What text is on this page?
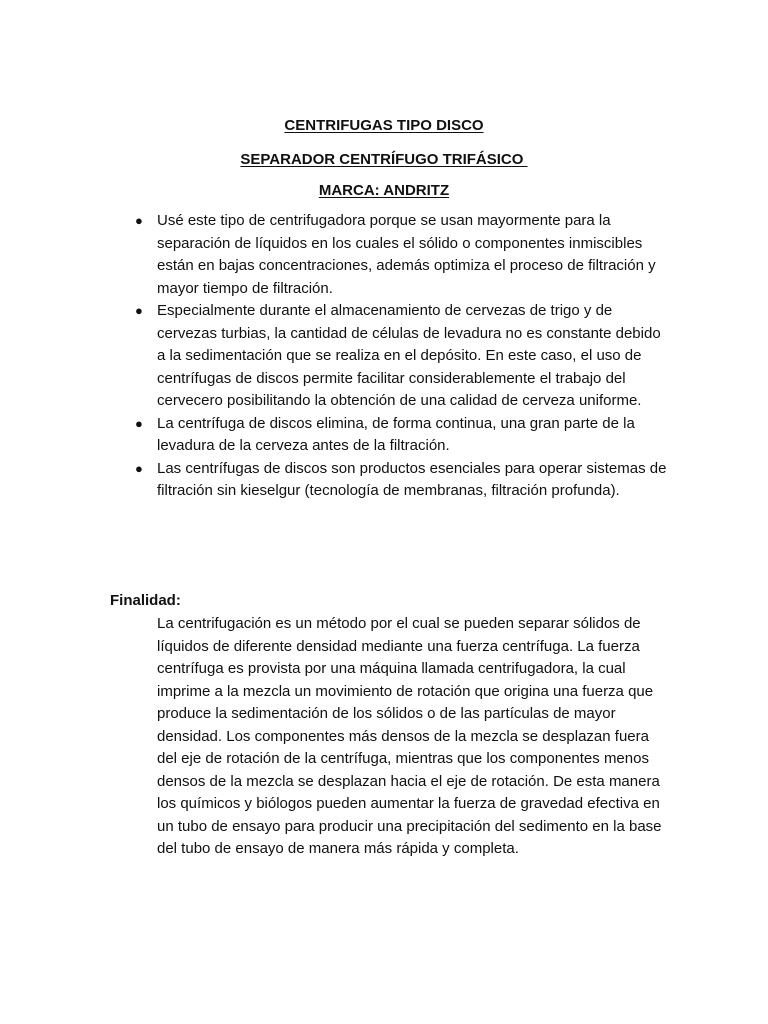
CENTRIFUGAS TIPO DISCO
SEPARADOR CENTRÍFUGO TRIFÁSICO
MARCA: ANDRITZ
● Usé este tipo de centrifugadora porque se usan mayormente para la separación de líquidos en los cuales el sólido o componentes inmiscibles están en bajas concentraciones, además optimiza el proceso de filtración y mayor tiempo de filtración.
● Especialmente durante el almacenamiento de cervezas de trigo y de cervezas turbias, la cantidad de células de levadura no es constante debido a la sedimentación que se realiza en el depósito. En este caso, el uso de centrífugas de discos permite facilitar considerablemente el trabajo del cervecero posibilitando la obtención de una calidad de cerveza uniforme.
● La centrífuga de discos elimina, de forma continua, una gran parte de la levadura de la cerveza antes de la filtración.
● Las centrífugas de discos son productos esenciales para operar sistemas de filtración sin kieselgur (tecnología de membranas, filtración profunda).
Finalidad:

La centrifugación es un método por el cual se pueden separar sólidos de líquidos de diferente densidad mediante una fuerza centrífuga. La fuerza centrífuga es provista por una máquina llamada centrifugadora, la cual imprime a la mezcla un movimiento de rotación que origina una fuerza que produce la sedimentación de los sólidos o de las partículas de mayor densidad. Los componentes más densos de la mezcla se desplazan fuera del eje de rotación de la centrífuga, mientras que los componentes menos densos de la mezcla se desplazan hacia el eje de rotación. De esta manera los químicos y biólogos pueden aumentar la fuerza de gravedad efectiva en un tubo de ensayo para producir una precipitación del sedimento en la base del tubo de ensayo de manera más rápida y completa.
